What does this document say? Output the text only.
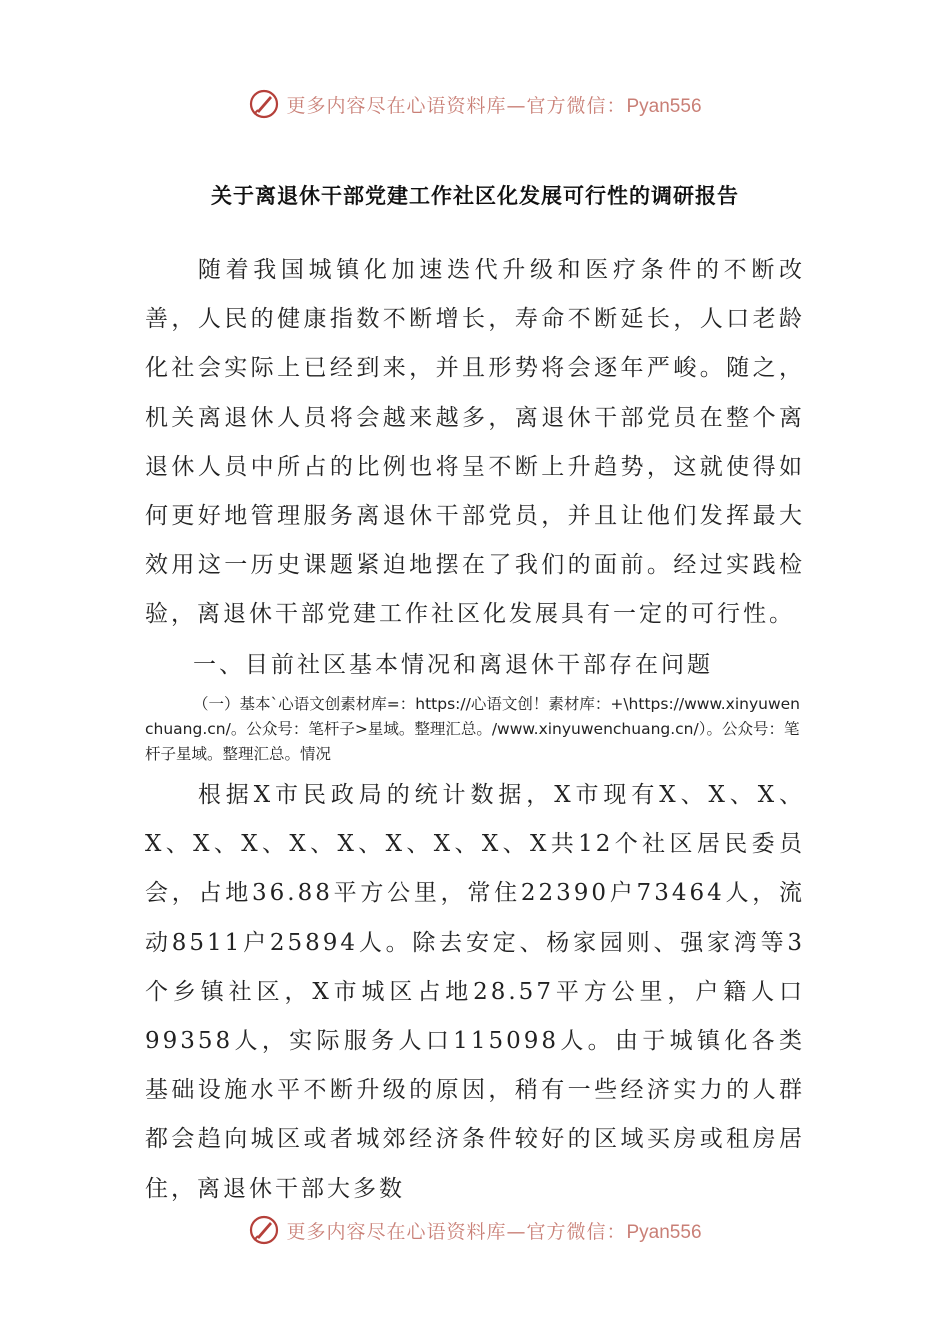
更多内容尽在心语资料库—官方微信：Pyan556
关于离退休干部党建工作社区化发展可行性的调研报告
随着我国城镇化加速迭代升级和医疗条件的不断改善，人民的健康指数不断增长，寿命不断延长，人口老龄化社会实际上已经到来，并且形势将会逐年严峻。随之，机关离退休人员将会越来越多，离退休干部党员在整个离退休人员中所占的比例也将呈不断上升趋势，这就使得如何更好地管理服务离退休干部党员，并且让他们发挥最大效用这一历史课题紧迫地摆在了我们的面前。经过实践检验，离退休干部党建工作社区化发展具有一定的可行性。
一、目前社区基本情况和离退休干部存在问题
（一）基本`心语文创素材库=：https://心语文创！素材库：+\https://www.xinyuwenchuang.cn/。公众号：笔杆子>星域。整理汇总。/www.xinyuwenchuang.cn/）。公众号：笔杆子星域。整理汇总。情况
根据X市民政局的统计数据，X市现有X、X、X、X、X、X、X、X、X、X、X、X共12个社区居民委员会，占地36.88平方公里，常住22390户73464人，流动8511户25894人。除去安定、杨家园则、强家湾等3个乡镇社区，X市城区占地28.57平方公里，户籍人口99358人，实际服务人口115098人。由于城镇化各类基础设施水平不断升级的原因，稍有一些经济实力的人群都会趋向城区或者城郊经济条件较好的区域买房或租房居住，离退休干部大多数
更多内容尽在心语资料库—官方微信：Pyan556
